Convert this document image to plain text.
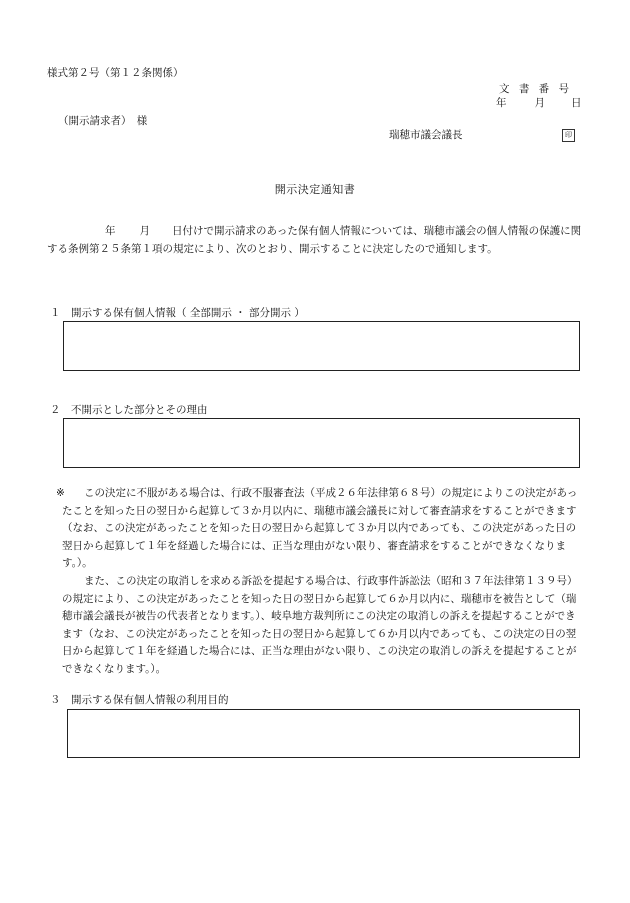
様式第２号（第１２条関係）
文 書 番 号
年	月 日
（開示請求者）　様
瑞穂市議会議長	印
開示決定通知書
年 月 日付けで開示請求のあった保有個人情報については、瑞穂市議会の個人情報の保護に関する条例第２５条第１項の規定により、次のとおり、開示することに決定したので通知します。
１　開示する保有個人情報（ 全部開示 ・ 部分開示 ）
２　不開示とした部分とその理由
※	この決定に不服がある場合は、行政不服審査法（平成２６年法律第６８号）の規定によりこの決定があったことを知った日の翌日から起算して３か月以内に、瑞穂市議会議長に対して審査請求をすることができます（なお、この決定があったことを知った日の翌日から起算して３か月以内であっても、この決定があった日の翌日から起算して１年を経過した場合には、正当な理由がない限り、審査請求をすることができなくなります。）。

また、この決定の取消しを求める訴訟を提起する場合は、行政事件訴訟法（昭和３７年法律第１３９号）の規定により、この決定があったことを知った日の翌日から起算して６か月以内に、瑞穂市を被告として（瑞穂市議会議長が被告の代表者となります。）、岐阜地方裁判所にこの決定の取消しの訴えを提起することができます（なお、この決定があったことを知った日の翌日から起算して６か月以内であっても、この決定の日の翌日から起算して１年を経過した場合には、正当な理由がない限り、この決定の取消しの訴えを提起することができなくなります。）。

３　開示する保有個人情報の利用目的
